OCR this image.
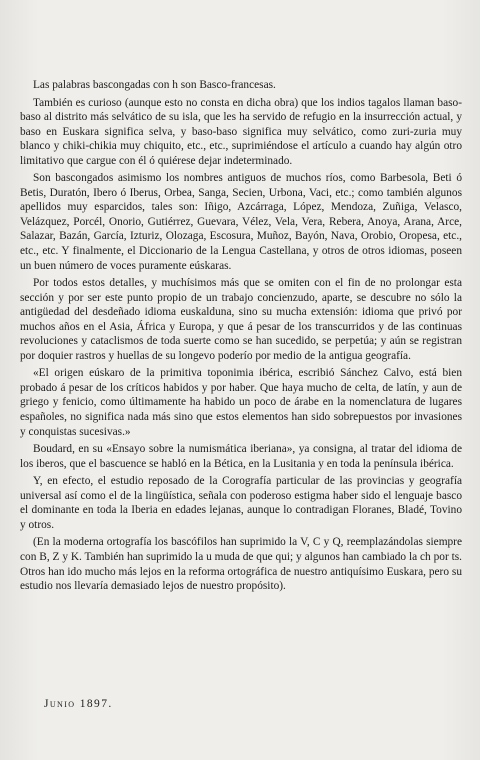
Las palabras bascongadas con h son Basco-francesas.

También es curioso (aunque esto no consta en dicha obra) que los indios tagalos llaman baso-baso al distrito más selvático de su isla, que les ha servido de refugio en la insurrección actual, y baso en Euskara significa selva, y baso-baso significa muy selvático, como zuri-zuria muy blanco y chiki-chikia muy chiquito, etc., etc., suprimiéndose el artículo a cuando hay algún otro limitativo que cargue con él ó quiérese dejar indeterminado.

Son bascongados asimismo los nombres antiguos de muchos ríos, como Barbesola, Beti ó Betis, Duratón, Ibero ó Iberus, Orbea, Sanga, Secien, Urbona, Vaci, etc.; como también algunos apellidos muy esparcidos, tales son: Iñigo, Azcárraga, López, Mendoza, Zuñiga, Velasco, Velázquez, Porcél, Onorio, Gutiérrez, Guevara, Vélez, Vela, Vera, Rebera, Anoya, Arana, Arce, Salazar, Bazán, García, Izturiz, Olozaga, Escosura, Muñoz, Bayón, Nava, Orobio, Oropesa, etc., etc., etc. Y finalmente, el Diccionario de la Lengua Castellana, y otros de otros idiomas, poseen un buen número de voces puramente eúskaras.

Por todos estos detalles, y muchísimos más que se omiten con el fin de no prolongar esta sección y por ser este punto propio de un trabajo concienzudo, aparte, se descubre no sólo la antigüedad del desdeñado idioma euskalduna, sino su mucha extensión: idioma que privó por muchos años en el Asia, África y Europa, y que á pesar de los transcurridos y de las continuas revoluciones y cataclismos de toda suerte como se han sucedido, se perpetúa; y aún se registran por doquier rastros y huellas de su longevo poderío por medio de la antigua geografía.

«El origen eúskaro de la primitiva toponimia ibérica, escribió Sánchez Calvo, está bien probado á pesar de los críticos habidos y por haber. Que haya mucho de celta, de latín, y aun de griego y fenicio, como últimamente ha habido un poco de árabe en la nomenclatura de lugares españoles, no significa nada más sino que estos elementos han sido sobrepuestos por invasiones y conquistas sucesivas.»

Boudard, en su «Ensayo sobre la numismática iberiana», ya consigna, al tratar del idioma de los iberos, que el bascuence se habló en la Bética, en la Lusitania y en toda la península ibérica.

Y, en efecto, el estudio reposado de la Corografía particular de las provincias y geografía universal así como el de la lingüística, señala con poderoso estigma haber sido el lenguaje basco el dominante en toda la Iberia en edades lejanas, aunque lo contradigan Floranes, Bladé, Tovino y otros.

(En la moderna ortografía los bascófilos han suprimido la V, C y Q, reemplazándolas siempre con B, Z y K. También han suprimido la u muda de que qui; y algunos han cambiado la ch por ts. Otros han ido mucho más lejos en la reforma ortográfica de nuestro antiquísimo Euskara, pero su estudio nos llevaría demasiado lejos de nuestro propósito).

Junio 1897.
